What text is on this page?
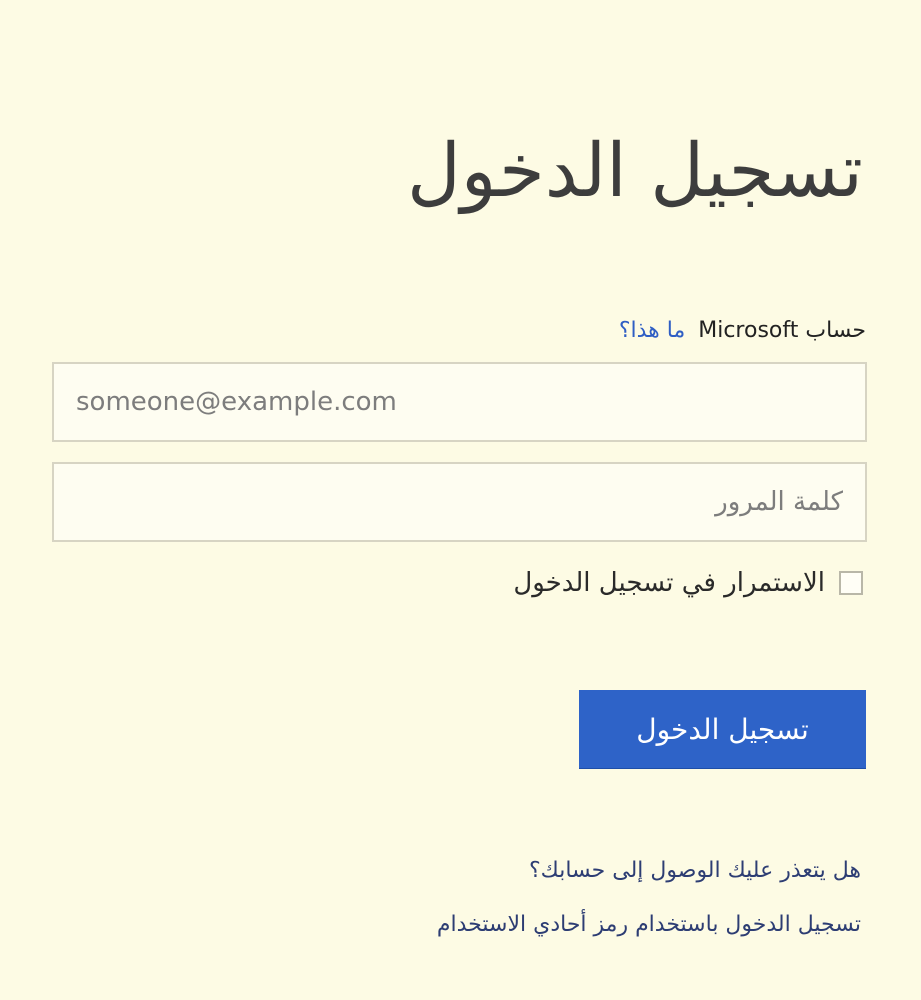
تسجيل الدخول
حساب Microsoft ما هذا؟
someone@example.com
كلمة المرور
الاستمرار في تسجيل الدخول
تسجيل الدخول
هل يتعذر عليك الوصول إلى حسابك؟
تسجيل الدخول باستخدام رمز أحادي الاستخدام
